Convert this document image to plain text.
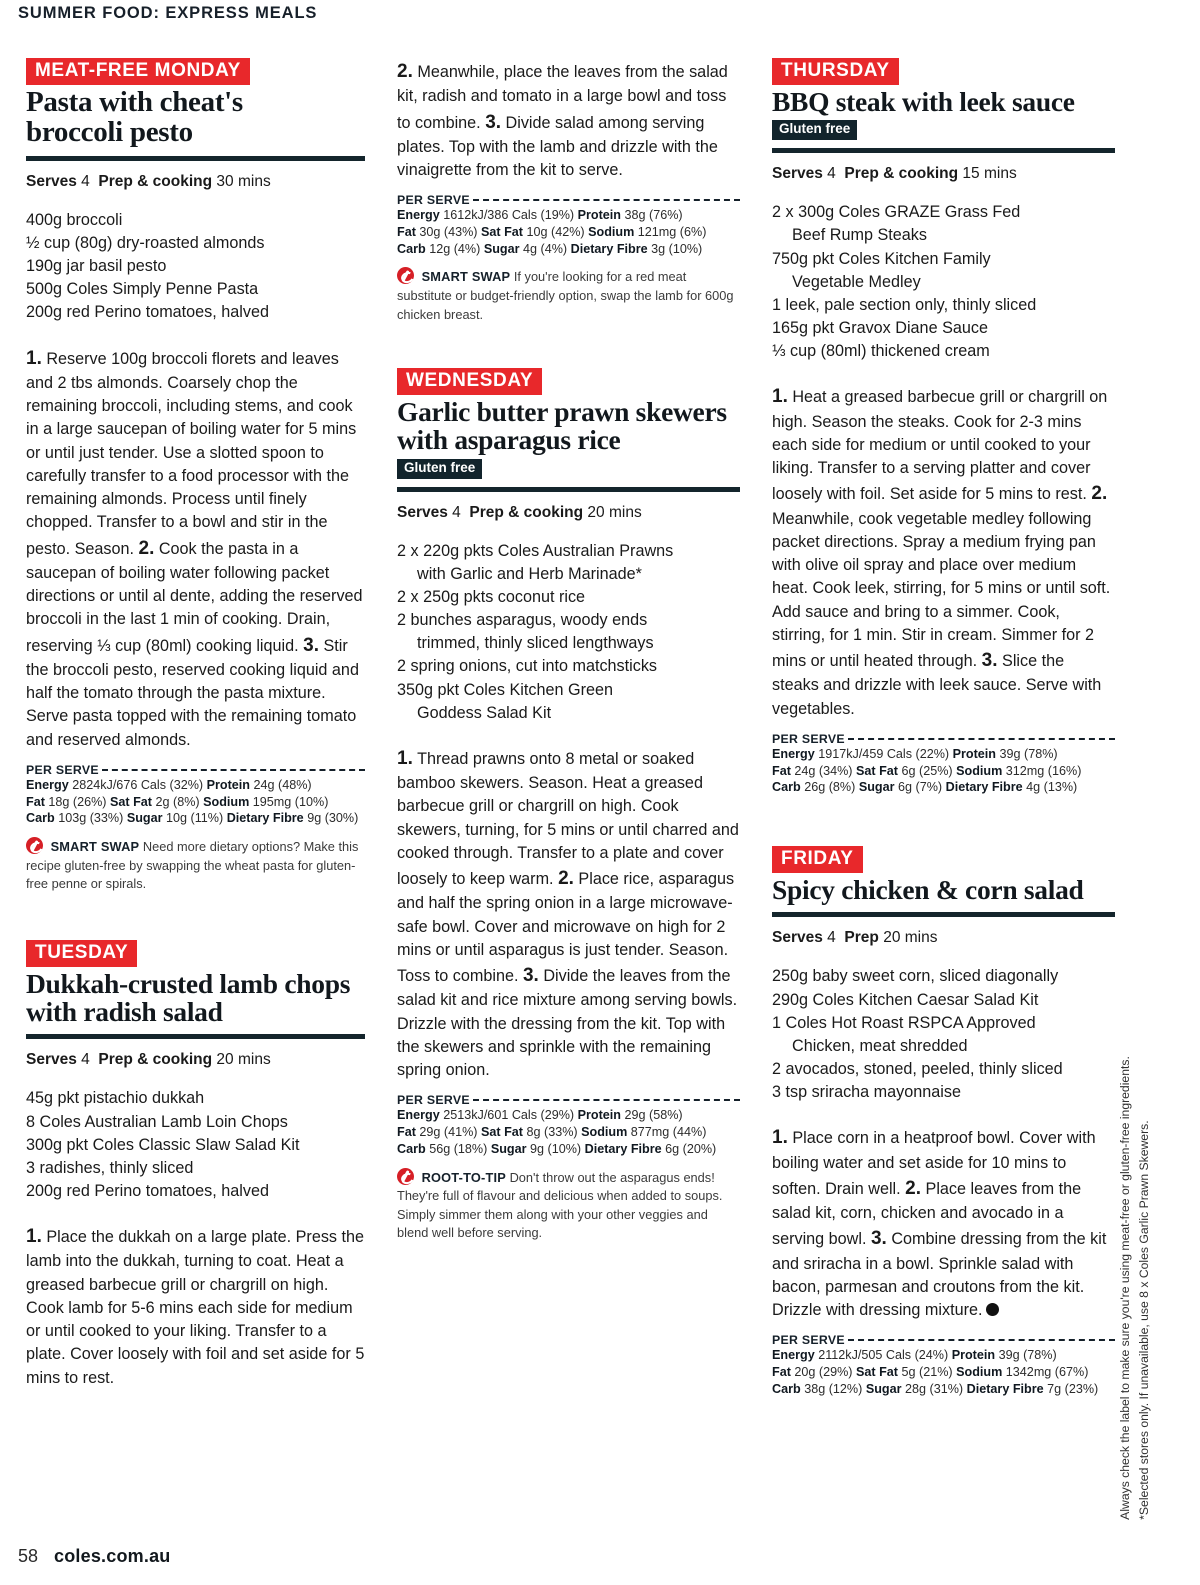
SUMMER FOOD: EXPRESS MEALS
MEAT-FREE MONDAY
Pasta with cheat's
broccoli pesto
Serves 4 Prep & cooking 30 mins
400g broccoli
½ cup (80g) dry-roasted almonds
190g jar basil pesto
500g Coles Simply Penne Pasta
200g red Perino tomatoes, halved
1. Reserve 100g broccoli florets and leaves and 2 tbs almonds. Coarsely chop the remaining broccoli, including stems, and cook in a large saucepan of boiling water for 5 mins or until just tender. Use a slotted spoon to carefully transfer to a food processor with the remaining almonds. Process until finely chopped. Transfer to a bowl and stir in the pesto. Season. 2. Cook the pasta in a saucepan of boiling water following packet directions or until al dente, adding the reserved broccoli in the last 1 min of cooking. Drain, reserving ⅓ cup (80ml) cooking liquid. 3. Stir the broccoli pesto, reserved cooking liquid and half the tomato through the pasta mixture. Serve pasta topped with the remaining tomato and reserved almonds.
PER SERVE
Energy 2824kJ/676 Cals (32%) Protein 24g (48%)
Fat 18g (26%) Sat Fat 2g (8%) Sodium 195mg (10%)
Carb 103g (33%) Sugar 10g (11%) Dietary Fibre 9g (30%)
SMART SWAP Need more dietary options? Make this recipe gluten-free by swapping the wheat pasta for gluten-free penne or spirals.
TUESDAY
Dukkah-crusted lamb chops
with radish salad
Serves 4 Prep & cooking 20 mins
45g pkt pistachio dukkah
8 Coles Australian Lamb Loin Chops
300g pkt Coles Classic Slaw Salad Kit
3 radishes, thinly sliced
200g red Perino tomatoes, halved
1. Place the dukkah on a large plate. Press the lamb into the dukkah, turning to coat. Heat a greased barbecue grill or chargrill on high. Cook lamb for 5-6 mins each side for medium or until cooked to your liking. Transfer to a plate. Cover loosely with foil and set aside for 5 mins to rest.
2. Meanwhile, place the leaves from the salad kit, radish and tomato in a large bowl and toss to combine. 3. Divide salad among serving plates. Top with the lamb and drizzle with the vinaigrette from the kit to serve.
PER SERVE
Energy 1612kJ/386 Cals (19%) Protein 38g (76%)
Fat 30g (43%) Sat Fat 10g (42%) Sodium 121mg (6%)
Carb 12g (4%) Sugar 4g (4%) Dietary Fibre 3g (10%)
SMART SWAP If you're looking for a red meat substitute or budget-friendly option, swap the lamb for 600g chicken breast.
WEDNESDAY
Garlic butter prawn skewers
with asparagus rice
Gluten free
Serves 4 Prep & cooking 20 mins
2 x 220g pkts Coles Australian Prawns
with Garlic and Herb Marinade*
2 x 250g pkts coconut rice
2 bunches asparagus, woody ends
trimmed, thinly sliced lengthways
2 spring onions, cut into matchsticks
350g pkt Coles Kitchen Green
Goddess Salad Kit
1. Thread prawns onto 8 metal or soaked bamboo skewers. Season. Heat a greased barbecue grill or chargrill on high. Cook skewers, turning, for 5 mins or until charred and cooked through. Transfer to a plate and cover loosely to keep warm. 2. Place rice, asparagus and half the spring onion in a large microwave-safe bowl. Cover and microwave on high for 2 mins or until asparagus is just tender. Season. Toss to combine. 3. Divide the leaves from the salad kit and rice mixture among serving bowls. Drizzle with the dressing from the kit. Top with the skewers and sprinkle with the remaining spring onion.
PER SERVE
Energy 2513kJ/601 Cals (29%) Protein 29g (58%)
Fat 29g (41%) Sat Fat 8g (33%) Sodium 877mg (44%)
Carb 56g (18%) Sugar 9g (10%) Dietary Fibre 6g (20%)
ROOT-TO-TIP Don't throw out the asparagus ends! They're full of flavour and delicious when added to soups. Simply simmer them along with your other veggies and blend well before serving.
THURSDAY
BBQ steak with leek sauce
Gluten free
Serves 4 Prep & cooking 15 mins
2 x 300g Coles GRAZE Grass Fed
Beef Rump Steaks
750g pkt Coles Kitchen Family
Vegetable Medley
1 leek, pale section only, thinly sliced
165g pkt Gravox Diane Sauce
⅓ cup (80ml) thickened cream
1. Heat a greased barbecue grill or chargrill on high. Season the steaks. Cook for 2-3 mins each side for medium or until cooked to your liking. Transfer to a serving platter and cover loosely with foil. Set aside for 5 mins to rest. 2. Meanwhile, cook vegetable medley following packet directions. Spray a medium frying pan with olive oil spray and place over medium heat. Cook leek, stirring, for 5 mins or until soft. Add sauce and bring to a simmer. Cook, stirring, for 1 min. Stir in cream. Simmer for 2 mins or until heated through. 3. Slice the steaks and drizzle with leek sauce. Serve with vegetables.
PER SERVE
Energy 1917kJ/459 Cals (22%) Protein 39g (78%)
Fat 24g (34%) Sat Fat 6g (25%) Sodium 312mg (16%)
Carb 26g (8%) Sugar 6g (7%) Dietary Fibre 4g (13%)
FRIDAY
Spicy chicken & corn salad
Serves 4 Prep 20 mins
250g baby sweet corn, sliced diagonally
290g Coles Kitchen Caesar Salad Kit
1 Coles Hot Roast RSPCA Approved
Chicken, meat shredded
2 avocados, stoned, peeled, thinly sliced
3 tsp sriracha mayonnaise
1. Place corn in a heatproof bowl. Cover with boiling water and set aside for 10 mins to soften. Drain well. 2. Place leaves from the salad kit, corn, chicken and avocado in a serving bowl. 3. Combine dressing from the kit and sriracha in a bowl. Sprinkle salad with bacon, parmesan and croutons from the kit. Drizzle with dressing mixture.
PER SERVE
Energy 2112kJ/505 Cals (24%) Protein 39g (78%)
Fat 20g (29%) Sat Fat 5g (21%) Sodium 1342mg (67%)
Carb 38g (12%) Sugar 28g (31%) Dietary Fibre 7g (23%)	Always check the label to make sure you're using meat-free or gluten-free ingredients. *Selected stores only. If unavailable, use 8 x Coles Garlic Prawn Skewers.
58 coles.com.au
